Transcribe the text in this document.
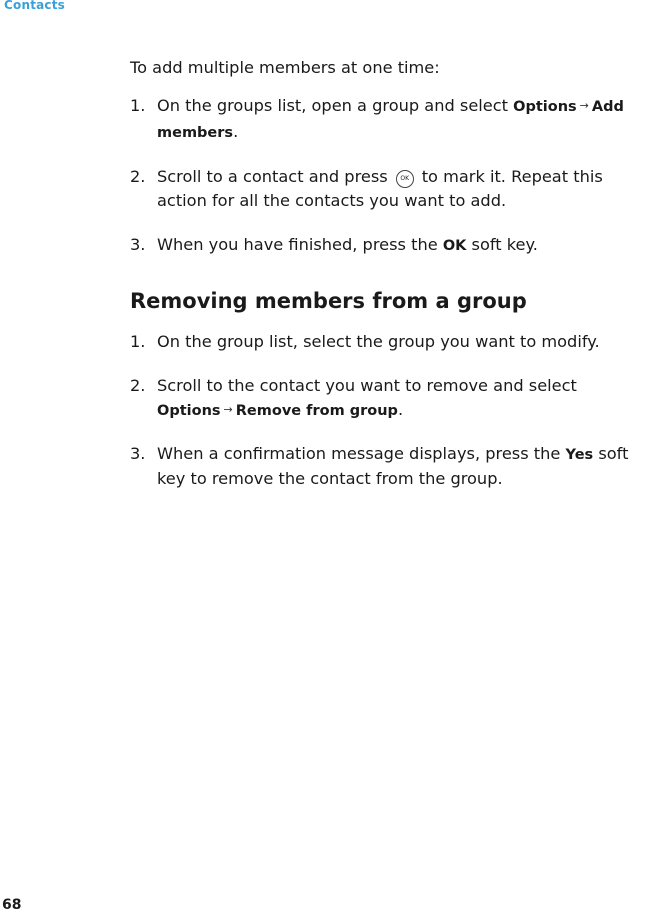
Contacts

To add multiple members at one time:

1. On the groups list, open a group and select Options → Add members.
2. Scroll to a contact and press OK to mark it. Repeat this action for all the contacts you want to add.
3. When you have finished, press the OK soft key.
Removing members from a group
1. On the group list, select the group you want to modify.
2. Scroll to the contact you want to remove and select Options → Remove from group.
3. When a confirmation message displays, press the Yes soft key to remove the contact from the group.
68
